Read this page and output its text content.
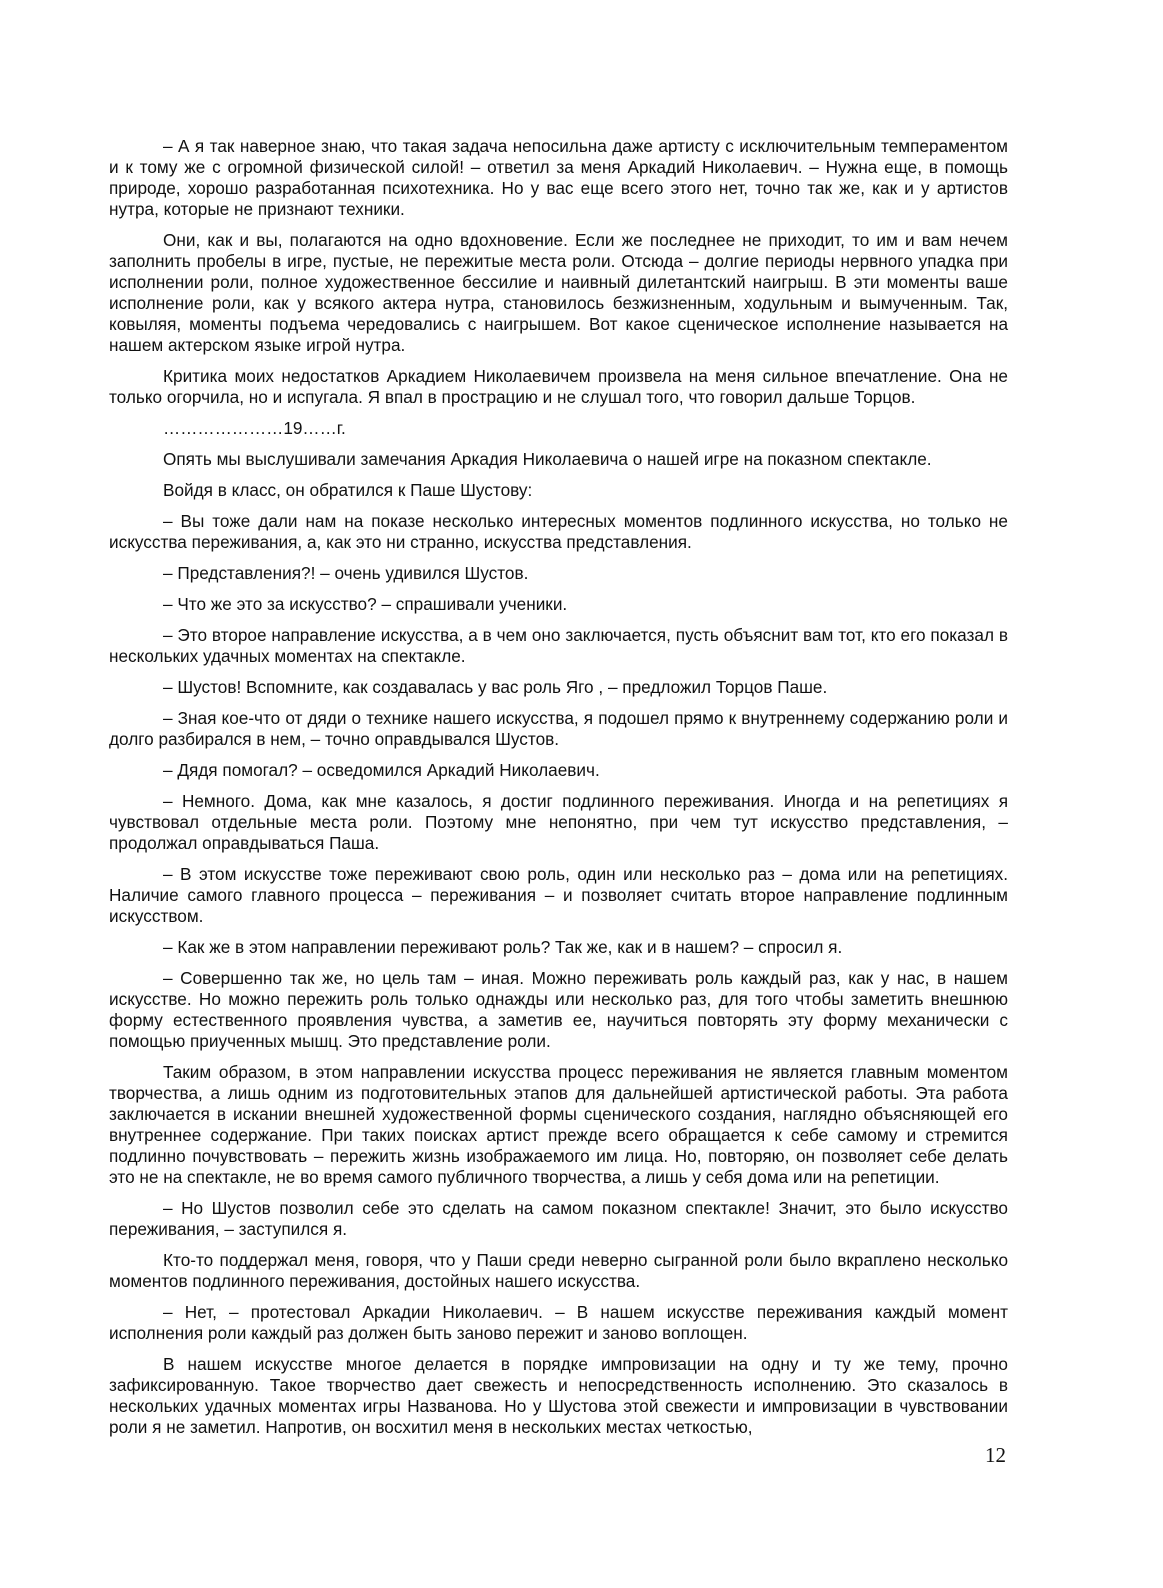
– А я так наверное знаю, что такая задача непосильна даже артисту с исключительным темпераментом и к тому же с огромной физической силой! – ответил за меня Аркадий Николаевич. – Нужна еще, в помощь природе, хорошо разработанная психотехника. Но у вас еще всего этого нет, точно так же, как и у артистов нутра, которые не признают техники.

Они, как и вы, полагаются на одно вдохновение. Если же последнее не приходит, то им и вам нечем заполнить пробелы в игре, пустые, не пережитые места роли. Отсюда – долгие периоды нервного упадка при исполнении роли, полное художественное бессилие и наивный дилетантский наигрыш. В эти моменты ваше исполнение роли, как у всякого актера нутра, становилось безжизненным, ходульным и вымученным. Так, ковыляя, моменты подъема чередовались с наигрышем. Вот какое сценическое исполнение называется на нашем актерском языке игрой нутра.

Критика моих недостатков Аркадием Николаевичем произвела на меня сильное впечатление. Она не только огорчила, но и испугала. Я впал в прострацию и не слушал того, что говорил дальше Торцов.

…………………19……г.

Опять мы выслушивали замечания Аркадия Николаевича о нашей игре на показном спектакле.

Войдя в класс, он обратился к Паше Шустову:

– Вы тоже дали нам на показе несколько интересных моментов подлинного искусства, но только не искусства переживания, а, как это ни странно, искусства представления.

– Представления?! – очень удивился Шустов.

– Что же это за искусство? – спрашивали ученики.

– Это второе направление искусства, а в чем оно заключается, пусть объяснит вам тот, кто его показал в нескольких удачных моментах на спектакле.

– Шустов! Вспомните, как создавалась у вас роль Яго , – предложил Торцов Паше.

– Зная кое-что от дяди о технике нашего искусства, я подошел прямо к внутреннему содержанию роли и долго разбирался в нем, – точно оправдывался Шустов.

– Дядя помогал? – осведомился Аркадий Николаевич.

– Немного. Дома, как мне казалось, я достиг подлинного переживания. Иногда и на репетициях я чувствовал отдельные места роли. Поэтому мне непонятно, при чем тут искусство представления, – продолжал оправдываться Паша.

– В этом искусстве тоже переживают свою роль, один или несколько раз – дома или на репетициях. Наличие самого главного процесса – переживания – и позволяет считать второе направление подлинным искусством.

– Как же в этом направлении переживают роль? Так же, как и в нашем? – спросил я.

– Совершенно так же, но цель там – иная. Можно переживать роль каждый раз, как у нас, в нашем искусстве. Но можно пережить роль только однажды или несколько раз, для того чтобы заметить внешнюю форму естественного проявления чувства, а заметив ее, научиться повторять эту форму механически с помощью приученных мышц. Это представление роли.

Таким образом, в этом направлении искусства процесс переживания не является главным моментом творчества, а лишь одним из подготовительных этапов для дальнейшей артистической работы. Эта работа заключается в искании внешней художественной формы сценического создания, наглядно объясняющей его внутреннее содержание. При таких поисках артист прежде всего обращается к себе самому и стремится подлинно почувствовать – пережить жизнь изображаемого им лица. Но, повторяю, он позволяет себе делать это не на спектакле, не во время самого публичного творчества, а лишь у себя дома или на репетиции.

– Но Шустов позволил себе это сделать на самом показном спектакле! Значит, это было искусство переживания, – заступился я.

Кто-то поддержал меня, говоря, что у Паши среди неверно сыгранной роли было вкраплено несколько моментов подлинного переживания, достойных нашего искусства.

– Нет, – протестовал Аркадии Николаевич. – В нашем искусстве переживания каждый момент исполнения роли каждый раз должен быть заново пережит и заново воплощен.

В нашем искусстве многое делается в порядке импровизации на одну и ту же тему, прочно зафиксированную. Такое творчество дает свежесть и непосредственность исполнению. Это сказалось в нескольких удачных моментах игры Названова. Но у Шустова этой свежести и импровизации в чувствовании роли я не заметил. Напротив, он восхитил меня в нескольких местах четкостью,

12
